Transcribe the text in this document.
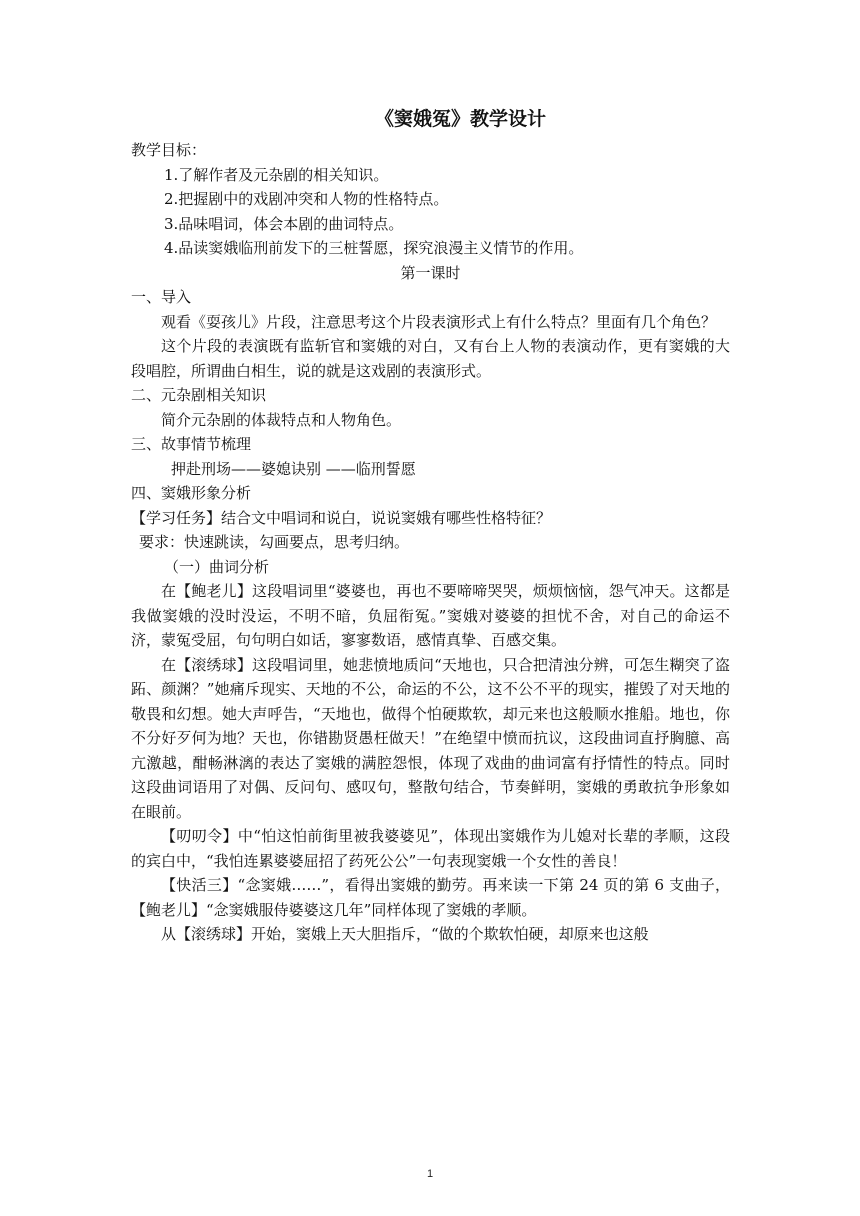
《窦娥冤》教学设计

教学目标：

1.了解作者及元杂剧的相关知识。

2.把握剧中的戏剧冲突和人物的性格特点。

3.品味唱词，体会本剧的曲词特点。

4.品读窦娥临刑前发下的三桩誓愿，探究浪漫主义情节的作用。

第一课时

一、导入

观看《耍孩儿》片段，注意思考这个片段表演形式上有什么特点？里面有几个角色？

这个片段的表演既有监斩官和窦娥的对白，又有台上人物的表演动作，更有窦娥的大段唱腔，所谓曲白相生，说的就是这戏剧的表演形式。

二、元杂剧相关知识

简介元杂剧的体裁特点和人物角色。

三、故事情节梳理

押赴刑场——婆媳诀别 ——临刑誓愿

四、窦娥形象分析

【学习任务】结合文中唱词和说白，说说窦娥有哪些性格特征？

要求：快速跳读，勾画要点，思考归纳。

（一）曲词分析

在【鲍老儿】这段唱词里“婆婆也，再也不要啼啼哭哭，烦烦恼恼，怨气冲天。这都是我做窦娥的没时没运，不明不暗，负屈衔冤。”窦娥对婆婆的担忧不舍，对自己的命运不济，蒙冤受屈，句句明白如话，寥寥数语，感情真挚、百感交集。

在【滚绣球】这段唱词里，她悲愤地质问“天地也，只合把清浊分辨，可怎生糊突了盗跖、颜渊？”她痛斥现实、天地的不公，命运的不公，这不公不平的现实，摧毁了对天地的敬畏和幻想。她大声呼告，“天地也，做得个怕硬欺软，却元来也这般顺水推船。地也，你不分好歹何为地？天也，你错勘贤愚枉做天！”在绝望中愤而抗议，这段曲词直抒胸臆、高亢激越，酣畅淋漓的表达了窦娥的满腔怨恨，体现了戏曲的曲词富有抒情性的特点。同时这段曲词语用了对偶、反问句、感叹句，整散句结合，节奏鲜明，窦娥的勇敢抗争形象如在眼前。

【叨叨令】中“怕这怕前街里被我婆婆见”，体现出窦娥作为儿媳对长辈的孝顺，这段的宾白中，“我怕连累婆婆屈招了药死公公”一句表现窦娥一个女性的善良！

【快活三】“念窦娥……”，看得出窦娥的勤劳。再来读一下第 24 页的第 6 支曲子，【鲍老儿】“念窦娥服侍婆婆这几年”同样体现了窦娥的孝顺。

从【滚绣球】开始，窦娥上天大胆指斥，“做的个欺软怕硬，却原来也这般

1
